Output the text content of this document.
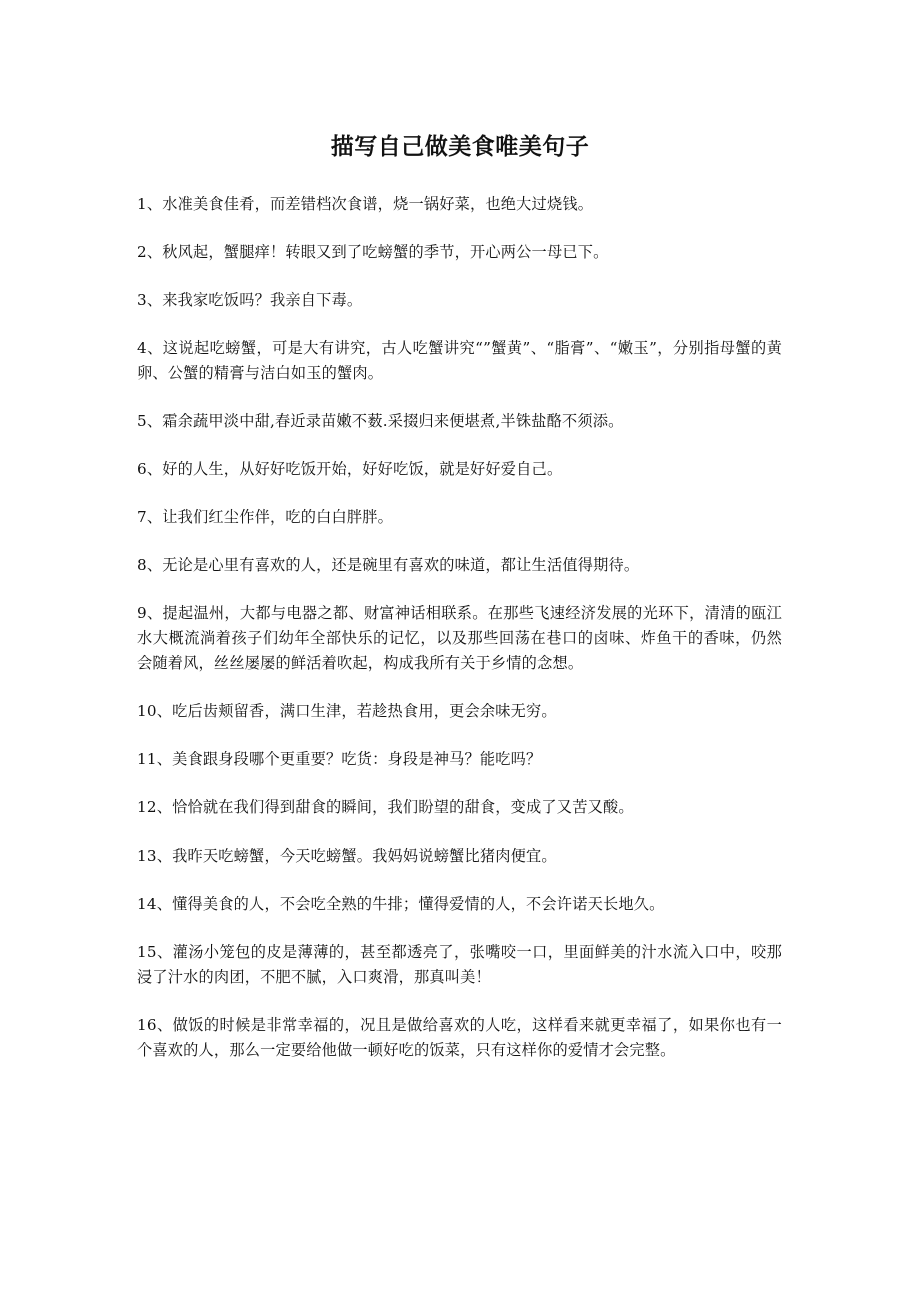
描写自己做美食唯美句子

1、水准美食佳肴，而差错档次食谱，烧一锅好菜，也绝大过烧钱。

2、秋风起，蟹腿痒！转眼又到了吃螃蟹的季节，开心两公一母已下。

3、来我家吃饭吗？我亲自下毒。

4、这说起吃螃蟹，可是大有讲究，古人吃蟹讲究“”蟹黄”、“脂膏”、“嫩玉”，分别指母蟹的黄卵、公蟹的精膏与洁白如玉的蟹肉。

5、霜余蔬甲淡中甜,春近录苗嫩不薮.采掇归来便堪煮,半铢盐酪不须添。

6、好的人生，从好好吃饭开始，好好吃饭，就是好好爱自己。

7、让我们红尘作伴，吃的白白胖胖。

8、无论是心里有喜欢的人，还是碗里有喜欢的味道，都让生活值得期待。

9、提起温州，大都与电器之都、财富神话相联系。在那些飞速经济发展的光环下，清清的瓯江水大概流淌着孩子们幼年全部快乐的记忆，以及那些回荡在巷口的卤味、炸鱼干的香味，仍然会随着风，丝丝屡屡的鲜活着吹起，构成我所有关于乡情的念想。

10、吃后齿颊留香，满口生津，若趁热食用，更会余味无穷。

11、美食跟身段哪个更重要？吃货：身段是神马？能吃吗？

12、恰恰就在我们得到甜食的瞬间，我们盼望的甜食，变成了又苦又酸。

13、我昨天吃螃蟹，今天吃螃蟹。我妈妈说螃蟹比猪肉便宜。

14、懂得美食的人，不会吃全熟的牛排；懂得爱情的人，不会许诺天长地久。

15、灌汤小笼包的皮是薄薄的，甚至都透亮了，张嘴咬一口，里面鲜美的汁水流入口中，咬那浸了汁水的肉团，不肥不腻，入口爽滑，那真叫美！

16、做饭的时候是非常幸福的，况且是做给喜欢的人吃，这样看来就更幸福了，如果你也有一个喜欢的人，那么一定要给他做一顿好吃的饭菜，只有这样你的爱情才会完整。
